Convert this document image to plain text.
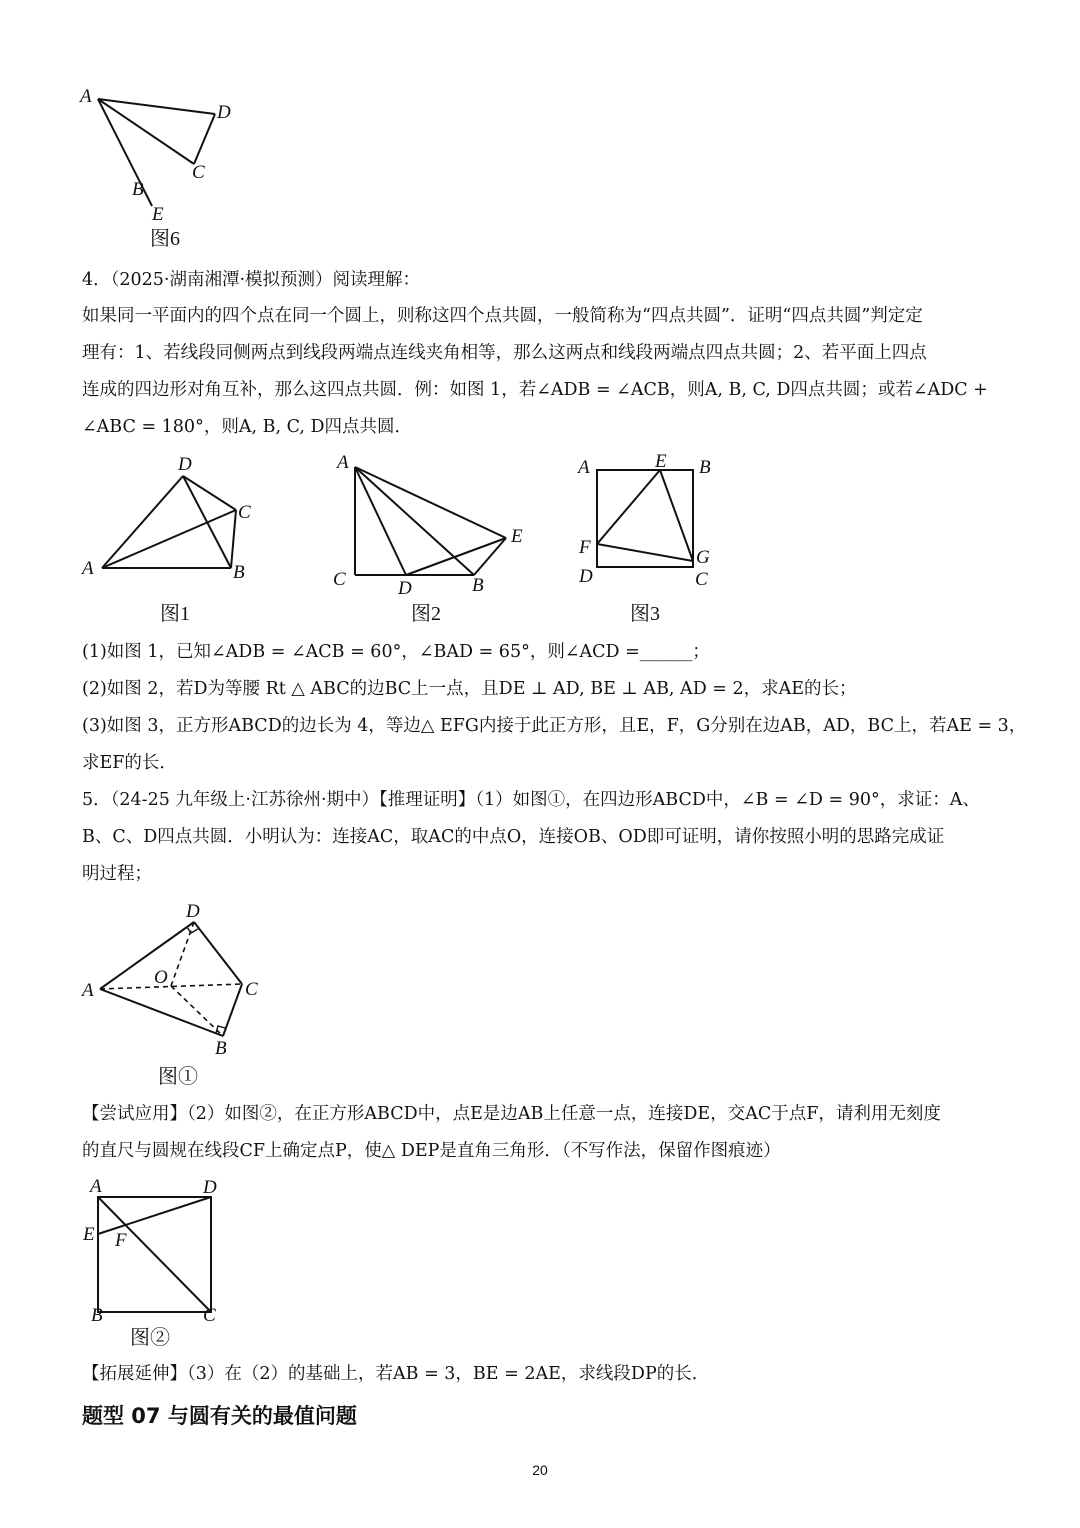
A
D
C
B
E
图6

4．（2025·湖南湘潭·模拟预测）阅读理解：

如果同一平面内的四个点在同一个圆上，则称这四个点共圆，一般简称为“四点共圆”．证明“四点共圆”判定定
理有：1、若线段同侧两点到线段两端点连线夹角相等，那么这两点和线段两端点四点共圆；2、若平面上四点
连成的四边形对角互补，那么这四点共圆．例：如图 1，若∠ADB = ∠ACB，则A, B, C, D四点共圆；或若∠ADC +
∠ABC = 180°，则A, B, C, D四点共圆．

D
C
A	B
图1
A
E
C	D	B
图2
A	E B
F	G
D	C
图3

(1)如图 1，已知∠ADB = ∠ACB = 60°，∠BAD = 65°，则∠ACD =______；
(2)如图 2，若D为等腰 Rt △ ABC的边BC上一点，且DE ⊥ AD, BE ⊥ AB, AD = 2，求AE的长；
(3)如图 3，正方形ABCD的边长为 4，等边△ EFG内接于此正方形，且E，F，G分别在边AB，AD，BC上，若AE = 3，
求EF的长．

5．（24-25 九年级上·江苏徐州·期中）【推理证明】（1）如图①，在四边形ABCD中，∠B = ∠D = 90°，求证：A、
B、C、D四点共圆．小明认为：连接AC，取AC的中点O，连接OB、OD即可证明，请你按照小明的思路完成证
明过程；

D
O
A	C
B
图①

【尝试应用】（2）如图②，在正方形ABCD中，点E是边AB上任意一点，连接DE，交AC于点F，请利用无刻度
的直尺与圆规在线段CF上确定点P，使△ DEP是直角三角形．（不写作法，保留作图痕迹）

A	D
E F
B	C
图②

【拓展延伸】（3）在（2）的基础上，若AB = 3，BE = 2AE，求线段DP的长．

题型 07 与圆有关的最值问题
20
